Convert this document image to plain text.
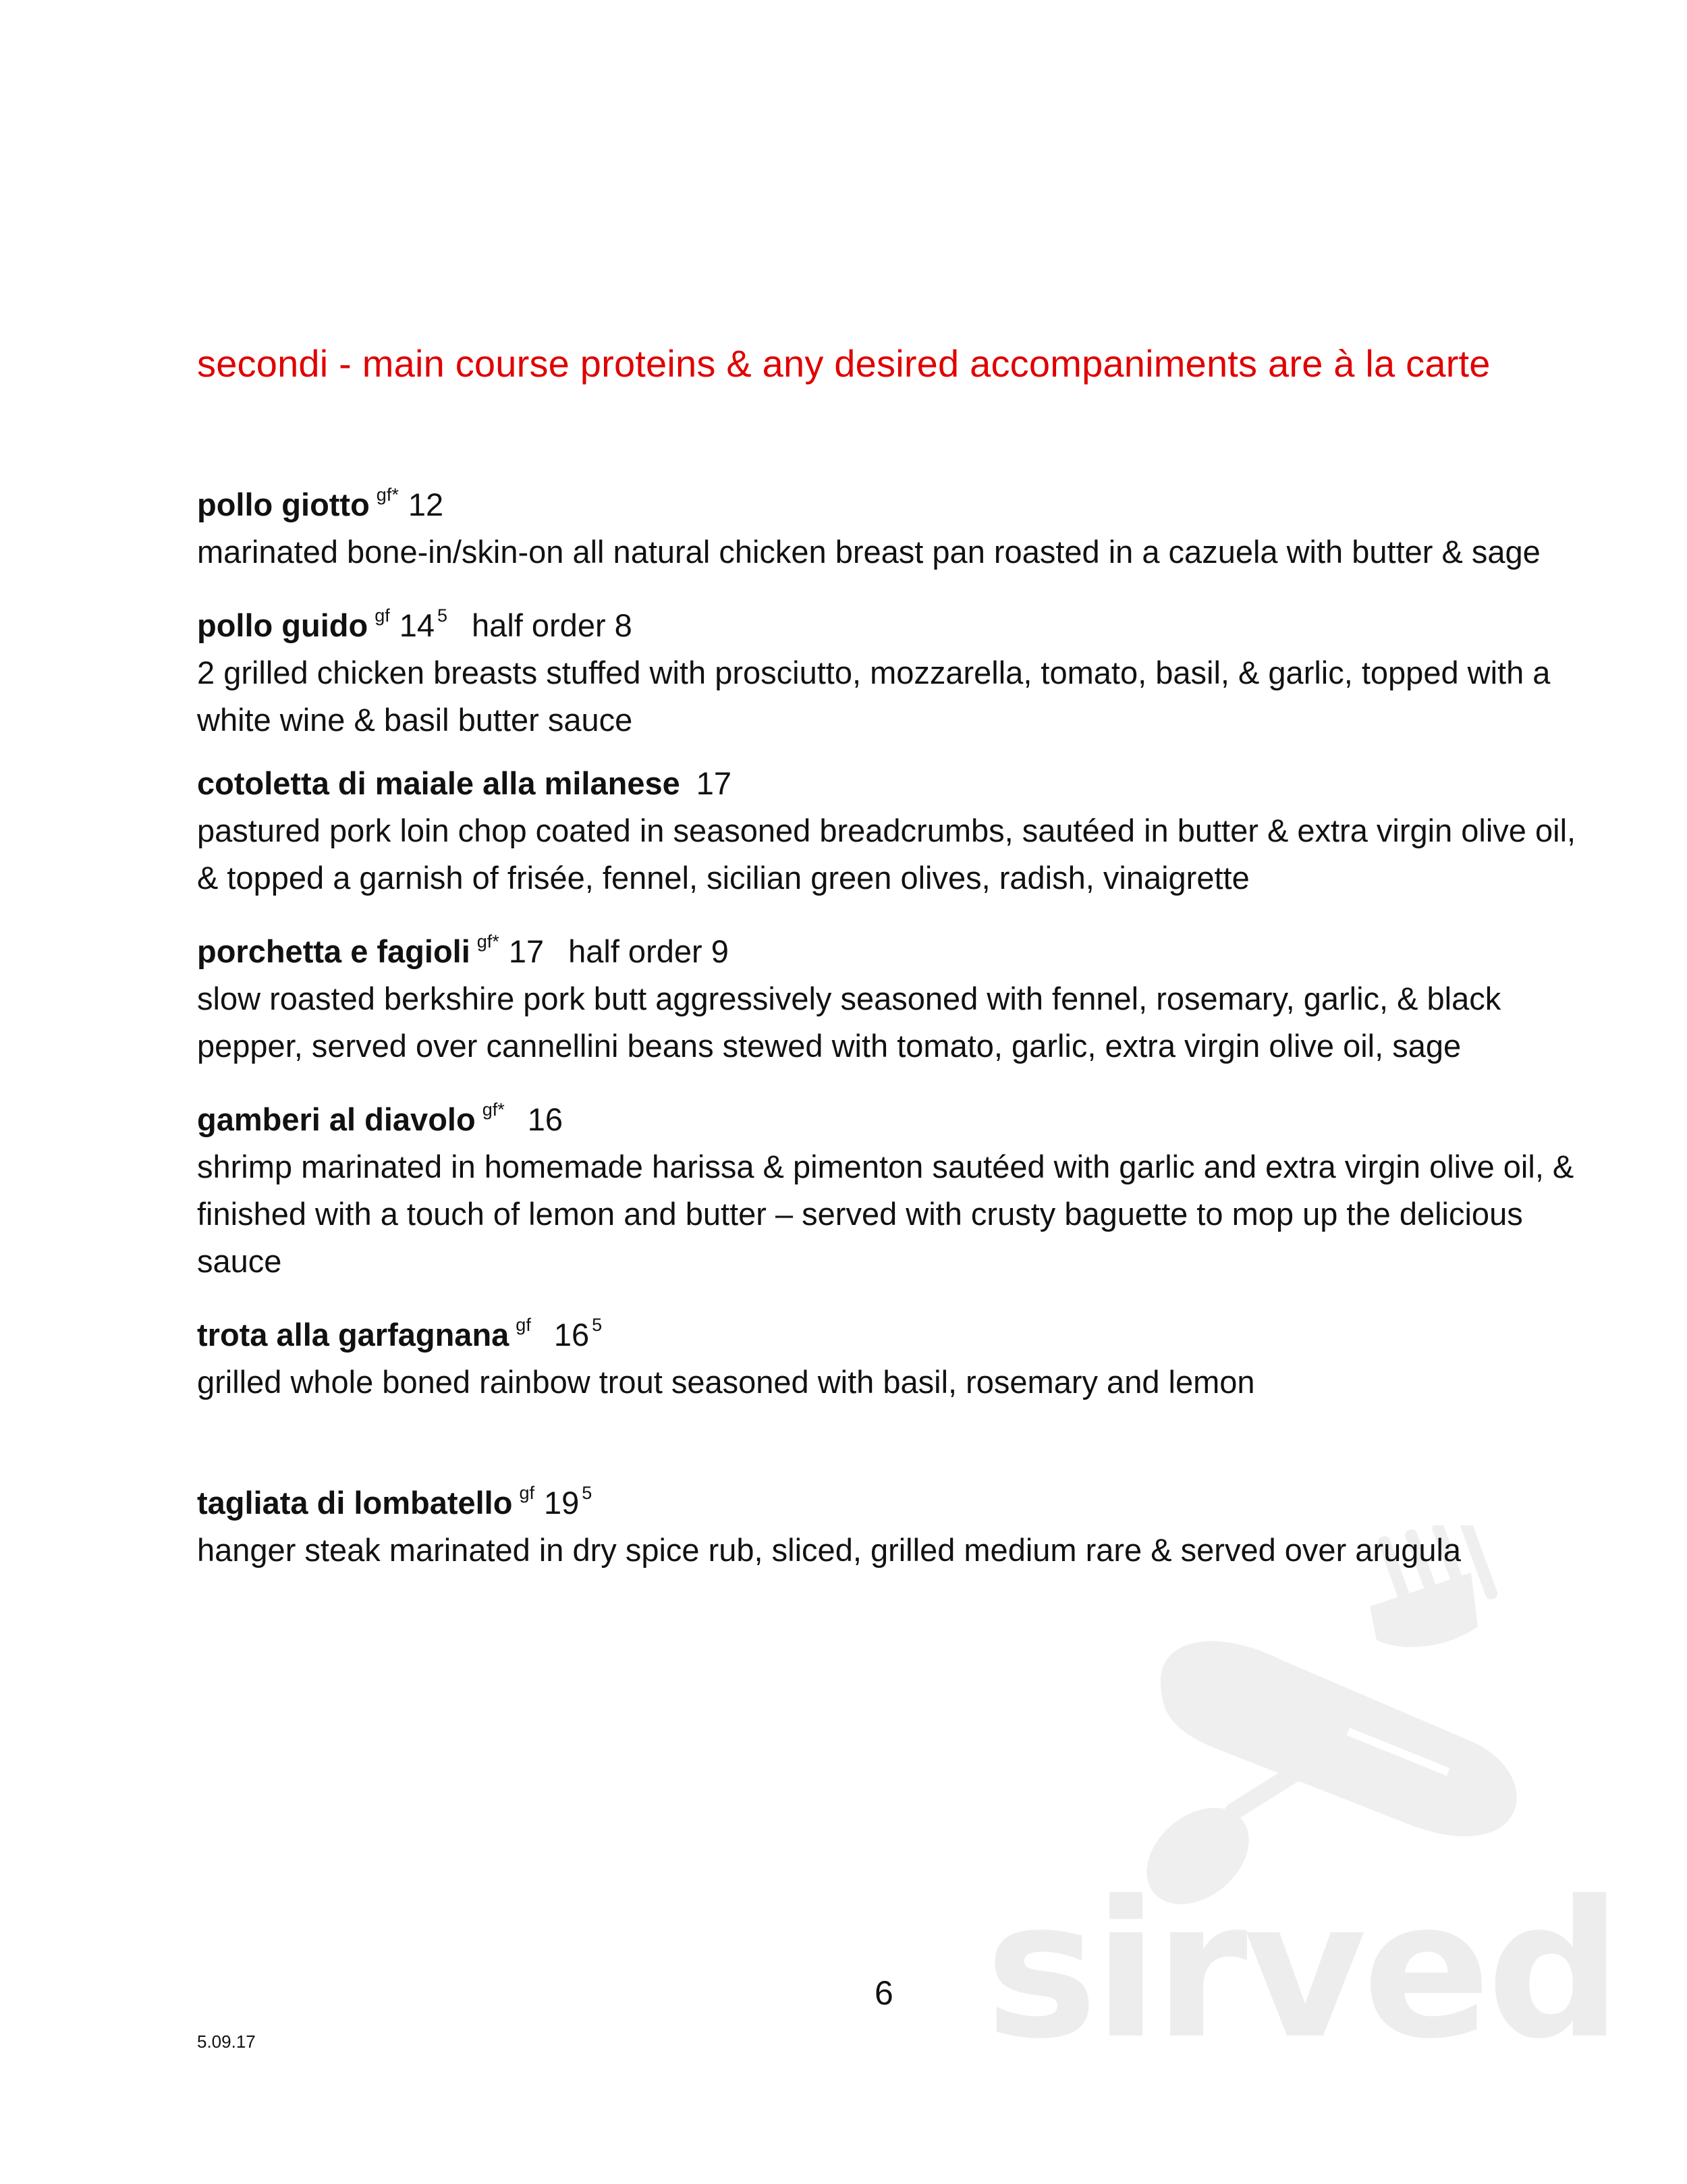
sirved
secondi - main course proteins & any desired accompaniments are à la carte
pollo giotto $^{gf*}$ 12

marinated bone-in/skin-on all natural chicken breast pan roasted in a cazuela with butter & sage

pollo guido $^{gf}$ 14 $^5$ half order 8

2 grilled chicken breasts stuffed with prosciutto, mozzarella, tomato, basil, & garlic, topped with a white wine & basil butter sauce

cotoletta di maiale alla milanese 17

pastured pork loin chop coated in seasoned breadcrumbs, sautéed in butter & extra virgin olive oil, & topped a garnish of frisée, fennel, sicilian green olives, radish, vinaigrette

porchetta e fagioli $^{gf*}$ 17 half order 9

slow roasted berkshire pork butt aggressively seasoned with fennel, rosemary, garlic, & black pepper, served over cannellini beans stewed with tomato, garlic, extra virgin olive oil, sage

gamberi al diavolo $^{gf*}$ 16

shrimp marinated in homemade harissa & pimenton sautéed with garlic and extra virgin olive oil, & finished with a touch of lemon and butter – served with crusty baguette to mop up the delicious sauce

trota alla garfagnana $^{gf}$ 16 $^5$

grilled whole boned rainbow trout seasoned with basil, rosemary and lemon

tagliata di lombatello $^{gf}$ 19 $^5$

hanger steak marinated in dry spice rub, sliced, grilled medium rare & served over arugula

6
5.09.17
